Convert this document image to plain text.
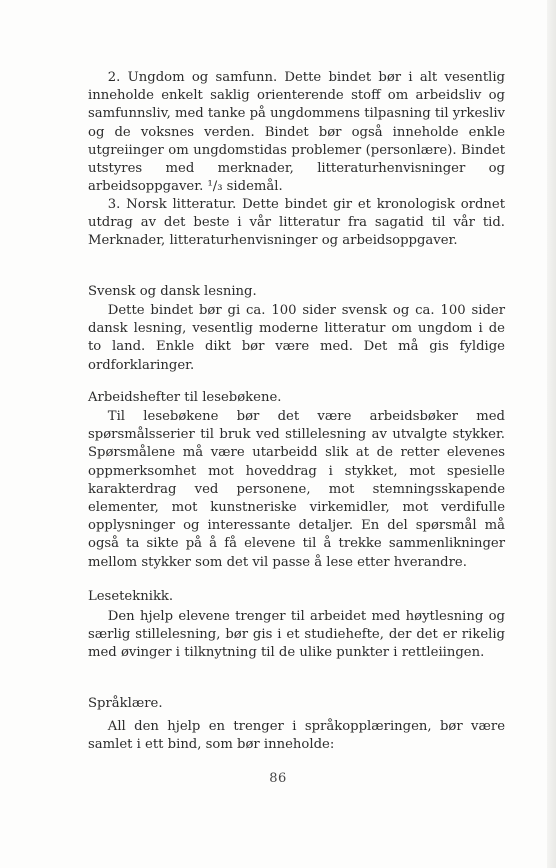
2. Ungdom og samfunn. Dette bindet bør i alt vesentlig inneholde enkelt saklig orienterende stoff om arbeidsliv og samfunnsliv, med tanke på ungdommens tilpasning til yrkesliv og de voksnes verden. Bindet bør også inneholde enkle utgreiinger om ungdomstidas problemer (personlære). Bindet utstyres med merknader, litteraturhenvisninger og arbeidsoppgaver. ¹/₃ sidemål.

3. Norsk litteratur. Dette bindet gir et kronologisk ordnet utdrag av det beste i vår litteratur fra sagatid til vår tid. Merknader, litteraturhenvisninger og arbeidsoppgaver.

Svensk og dansk lesning.

Dette bindet bør gi ca. 100 sider svensk og ca. 100 sider dansk lesning, vesentlig moderne litteratur om ungdom i de to land. Enkle dikt bør være med. Det må gis fyldige ordforklaringer.

Arbeidshefter til lesebøkene.

Til lesebøkene bør det være arbeidsbøker med spørsmålsserier til bruk ved stillelesning av utvalgte stykker. Spørsmålene må være utarbeidd slik at de retter elevenes oppmerksomhet mot hoveddrag i stykket, mot spesielle karakterdrag ved personene, mot stemningsskapende elementer, mot kunstneriske virkemidler, mot verdifulle opplysninger og interessante detaljer. En del spørsmål må også ta sikte på å få elevene til å trekke sammenlikninger mellom stykker som det vil passe å lese etter hverandre.

Leseteknikk.

Den hjelp elevene trenger til arbeidet med høytlesning og særlig stillelesning, bør gis i et studiehefte, der det er rikelig med øvinger i tilknytning til de ulike punkter i rettleiingen.

Språklære.

All den hjelp en trenger i språkopplæringen, bør være samlet i ett bind, som bør inneholde:

86
